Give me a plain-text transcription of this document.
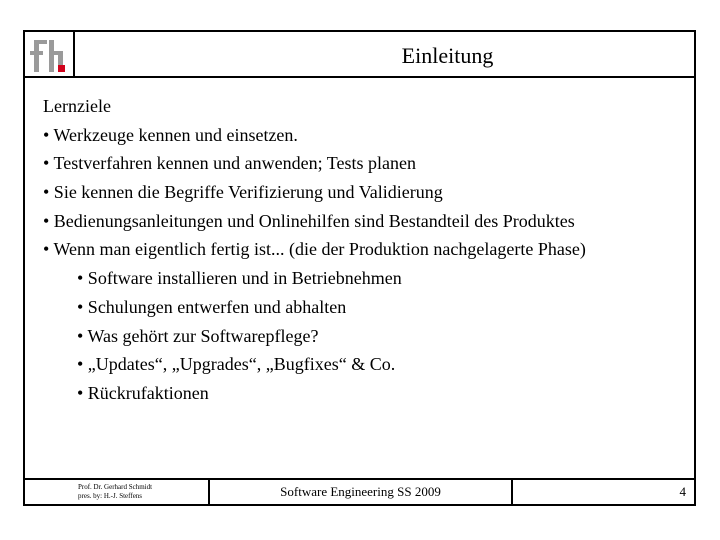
Einleitung
Lernziele
• Werkzeuge kennen und einsetzen.
• Testverfahren kennen und anwenden; Tests planen
• Sie kennen die Begriffe Verifizierung und Validierung
• Bedienungsanleitungen und Onlinehilfen sind Bestandteil des Produktes
• Wenn man eigentlich fertig ist... (die der Produktion nachgelagerte Phase)
• Software installieren und in Betriebnehmen
• Schulungen entwerfen und abhalten
• Was gehört zur Softwarepflege?
• „Updates“, „Upgrades“, „Bugfixes“ & Co.
• Rückrufaktionen
Prof. Dr. Gerhard Schmidt
pres. by: H.-J. Steffens	Software Engineering SS 2009	4
